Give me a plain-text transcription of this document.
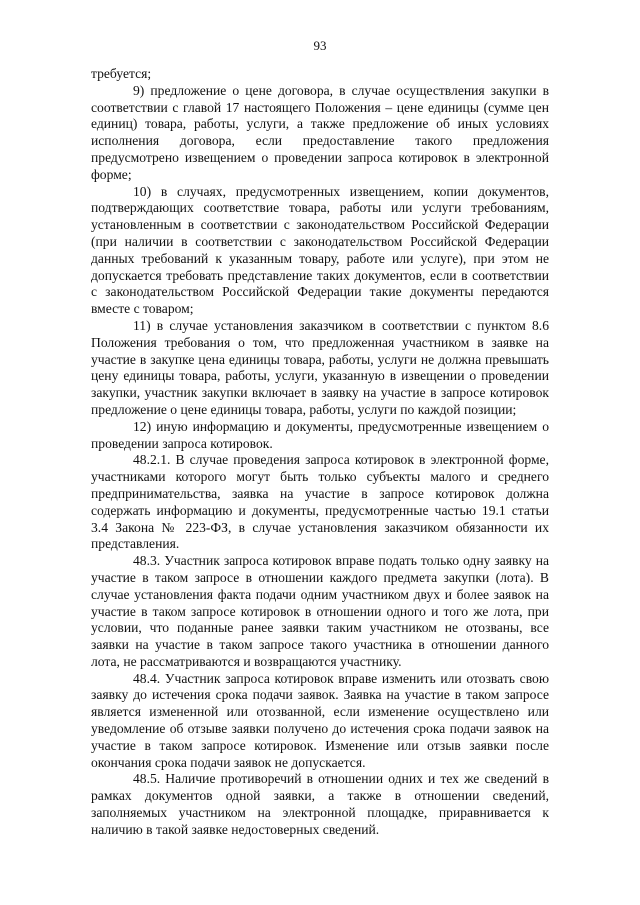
93

требуется;

9) предложение о цене договора, в случае осуществления закупки в соответствии с главой 17 настоящего Положения – цене единицы (сумме цен единиц) товара, работы, услуги, а также предложение об иных условиях исполнения договора, если предоставление такого предложения предусмотрено извещением о проведении запроса котировок в электронной форме;

10) в случаях, предусмотренных извещением, копии документов, подтверждающих соответствие товара, работы или услуги требованиям, установленным в соответствии с законодательством Российской Федерации (при наличии в соответствии с законодательством Российской Федерации данных требований к указанным товару, работе или услуге), при этом не допускается требовать представление таких документов, если в соответствии с законодательством Российской Федерации такие документы передаются вместе с товаром;

11) в случае установления заказчиком в соответствии с пунктом 8.6 Положения требования о том, что предложенная участником в заявке на участие в закупке цена единицы товара, работы, услуги не должна превышать цену единицы товара, работы, услуги, указанную в извещении о проведении закупки, участник закупки включает в заявку на участие в запросе котировок предложение о цене единицы товара, работы, услуги по каждой позиции;

12) иную информацию и документы, предусмотренные извещением о проведении запроса котировок.

48.2.1. В случае проведения запроса котировок в электронной форме, участниками которого могут быть только субъекты малого и среднего предпринимательства, заявка на участие в запросе котировок должна содержать информацию и документы, предусмотренные частью 19.1 статьи 3.4 Закона № 223-ФЗ, в случае установления заказчиком обязанности их представления.

48.3. Участник запроса котировок вправе подать только одну заявку на участие в таком запросе в отношении каждого предмета закупки (лота). В случае установления факта подачи одним участником двух и более заявок на участие в таком запросе котировок в отношении одного и того же лота, при условии, что поданные ранее заявки таким участником не отозваны, все заявки на участие в таком запросе такого участника в отношении данного лота, не рассматриваются и возвращаются участнику.

48.4. Участник запроса котировок вправе изменить или отозвать свою заявку до истечения срока подачи заявок. Заявка на участие в таком запросе является измененной или отозванной, если изменение осуществлено или уведомление об отзыве заявки получено до истечения срока подачи заявок на участие в таком запросе котировок. Изменение или отзыв заявки после окончания срока подачи заявок не допускается.

48.5. Наличие противоречий в отношении одних и тех же сведений в рамках документов одной заявки, а также в отношении сведений, заполняемых участником на электронной площадке, приравнивается к наличию в такой заявке недостоверных сведений.
